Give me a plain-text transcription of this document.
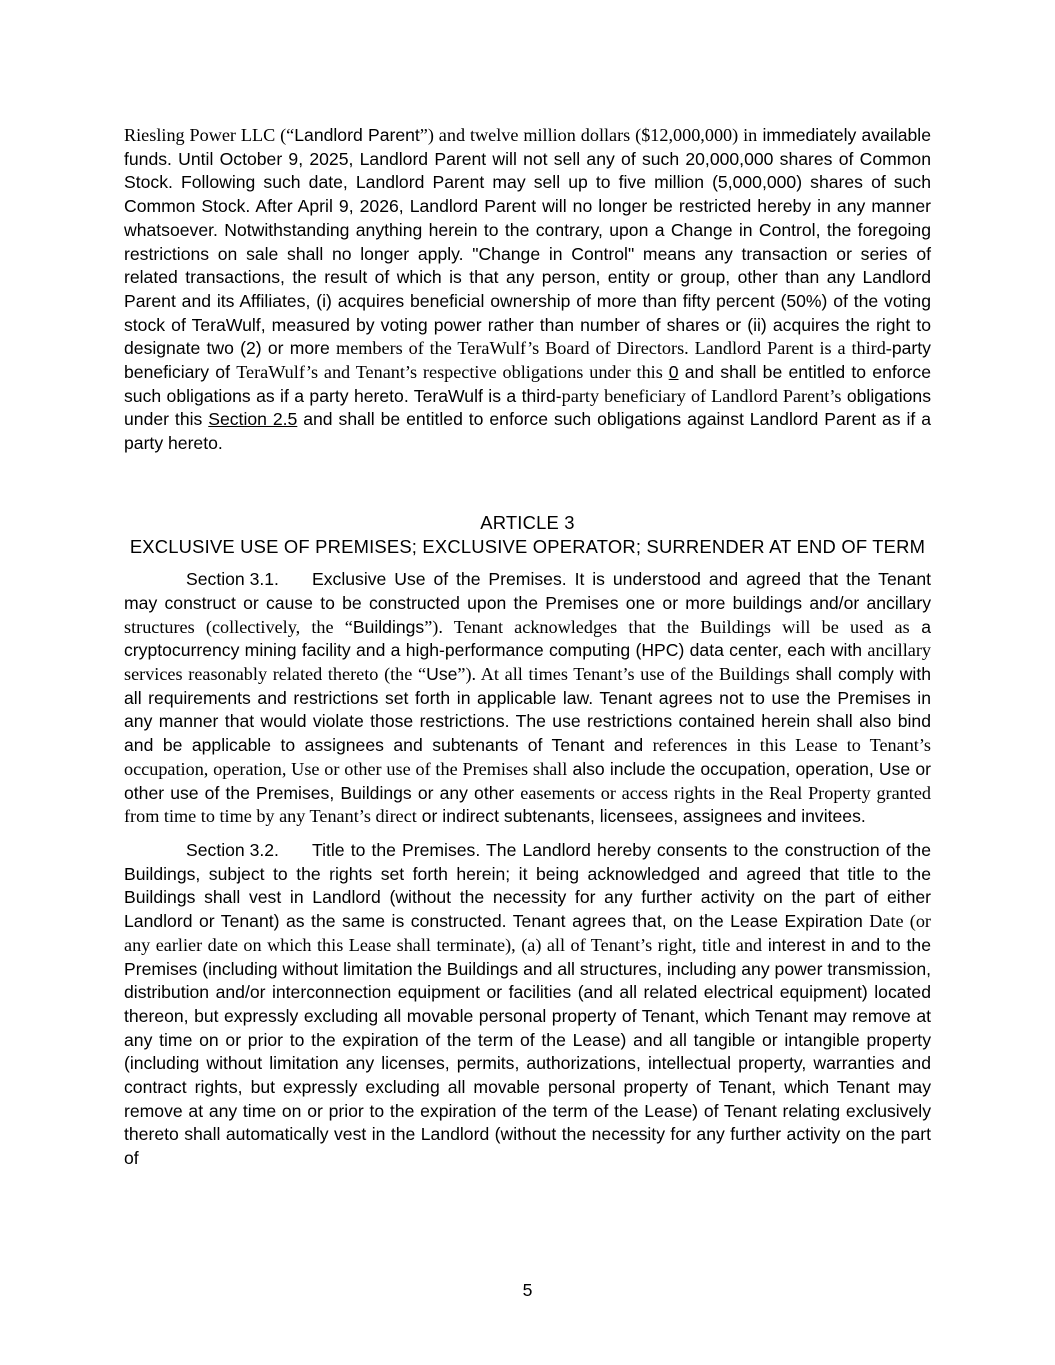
Riesling Power LLC (“Landlord Parent”) and twelve million dollars ($12,000,000) in immediately available funds. Until October 9, 2025, Landlord Parent will not sell any of such 20,000,000 shares of Common Stock. Following such date, Landlord Parent may sell up to five million (5,000,000) shares of such Common Stock. After April 9, 2026, Landlord Parent will no longer be restricted hereby in any manner whatsoever. Notwithstanding anything herein to the contrary, upon a Change in Control, the foregoing restrictions on sale shall no longer apply. "Change in Control" means any transaction or series of related transactions, the result of which is that any person, entity or group, other than any Landlord Parent and its Affiliates, (i) acquires beneficial ownership of more than fifty percent (50%) of the voting stock of TeraWulf, measured by voting power rather than number of shares or (ii) acquires the right to designate two (2) or more members of the TeraWulf’s Board of Directors. Landlord Parent is a third-party beneficiary of TeraWulf’s and Tenant’s respective obligations under this 0 and shall be entitled to enforce such obligations as if a party hereto. TeraWulf is a third-party beneficiary of Landlord Parent’s obligations under this Section 2.5 and shall be entitled to enforce such obligations against Landlord Parent as if a party hereto.

ARTICLE 3
EXCLUSIVE USE OF PREMISES; EXCLUSIVE OPERATOR; SURRENDER AT END OF TERM

Section 3.1. Exclusive Use of the Premises. It is understood and agreed that the Tenant may construct or cause to be constructed upon the Premises one or more buildings and/or ancillary structures (collectively, the “Buildings”). Tenant acknowledges that the Buildings will be used as a cryptocurrency mining facility and a high-performance computing (HPC) data center, each with ancillary services reasonably related thereto (the “Use”). At all times Tenant’s use of the Buildings shall comply with all requirements and restrictions set forth in applicable law. Tenant agrees not to use the Premises in any manner that would violate those restrictions. The use restrictions contained herein shall also bind and be applicable to assignees and subtenants of Tenant and references in this Lease to Tenant’s occupation, operation, Use or other use of the Premises shall also include the occupation, operation, Use or other use of the Premises, Buildings or any other easements or access rights in the Real Property granted from time to time by any Tenant’s direct or indirect subtenants, licensees, assignees and invitees.

Section 3.2. Title to the Premises. The Landlord hereby consents to the construction of the Buildings, subject to the rights set forth herein; it being acknowledged and agreed that title to the Buildings shall vest in Landlord (without the necessity for any further activity on the part of either Landlord or Tenant) as the same is constructed. Tenant agrees that, on the Lease Expiration Date (or any earlier date on which this Lease shall terminate), (a) all of Tenant’s right, title and interest in and to the Premises (including without limitation the Buildings and all structures, including any power transmission, distribution and/or interconnection equipment or facilities (and all related electrical equipment) located thereon, but expressly excluding all movable personal property of Tenant, which Tenant may remove at any time on or prior to the expiration of the term of the Lease) and all tangible or intangible property (including without limitation any licenses, permits, authorizations, intellectual property, warranties and contract rights, but expressly excluding all movable personal property of Tenant, which Tenant may remove at any time on or prior to the expiration of the term of the Lease) of Tenant relating exclusively thereto shall automatically vest in the Landlord (without the necessity for any further activity on the part of

5
